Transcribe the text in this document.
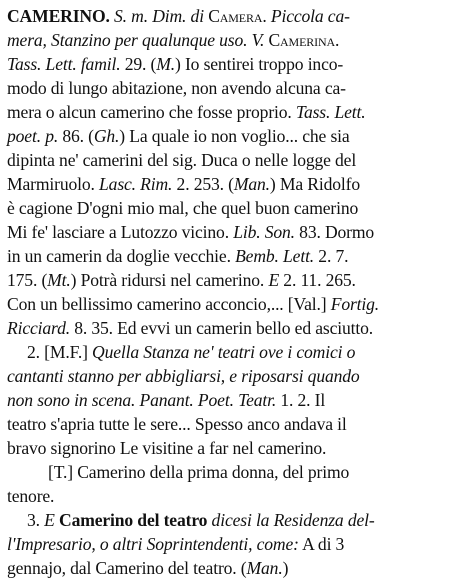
CAMERINO. S. m. Dim. di Camera. Piccola ca-
mera, Stanzino per qualunque uso. V. Camerina.
Tass. Lett. famil. 29. (M.) Io sentirei troppo inco-
modo di lungo abitazione, non avendo alcuna ca-
mera o alcun camerino che fosse proprio. Tass. Lett.
poet. p. 86. (Gh.) La quale io non voglio... che sia
dipinta ne' camerini del sig. Duca o nelle logge del
Marmiruolo. Lasc. Rim. 2. 253. (Man.) Ma Ridolfo
è cagione D'ogni mio mal, che quel buon camerino
Mi fe' lasciare a Lutozzo vicino. Lib. Son. 83. Dormo
in un camerin da doglie vecchie. Bemb. Lett. 2. 7.
175. (Mt.) Potrà ridursi nel camerino. E 2. 11. 265.
Con un bellissimo camerino acconcio,... [Val.] Fortig.
Ricciard. 8. 35. Ed evvi un camerin bello ed asciutto.
2. [M.F.] Quella Stanza ne' teatri ove i comici o
cantanti stanno per abbigliarsi, e riposarsi quando
non sono in scena. Panant. Poet. Teatr. 1. 2. Il
teatro s'apria tutte le sere... Spesso anco andava il
bravo signorino Le visitine a far nel camerino.
[T.] Camerino della prima donna, del primo
tenore.
3. E Camerino del teatro dicesi la Residenza del-
l'Impresario, o altri Soprintendenti, come: A di 3
gennajo, dal Camerino del teatro. (Man.)
